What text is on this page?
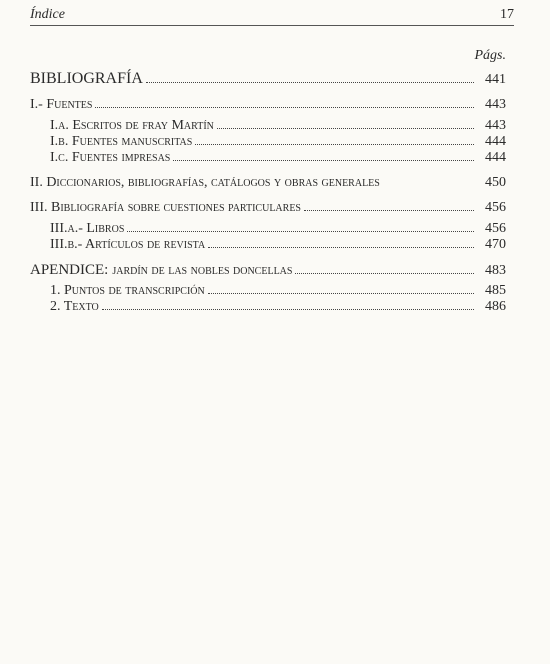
Índice	17
Págs.
BIBLIOGRAFÍA	441
I.- Fuentes	443
I.a. Escritos de fray Martín	443
I.b. Fuentes manuscritas	444
I.c. Fuentes impresas	444
II. Diccionarios, bibliografías, catálogos y obras generales	450
III. Bibliografía sobre cuestiones particulares	456
III.a.- Libros	456
III.b.- Artículos de revista	470
APENDICE: jardín de las nobles doncellas	483
1. Puntos de transcripción	485
2. Texto	486
